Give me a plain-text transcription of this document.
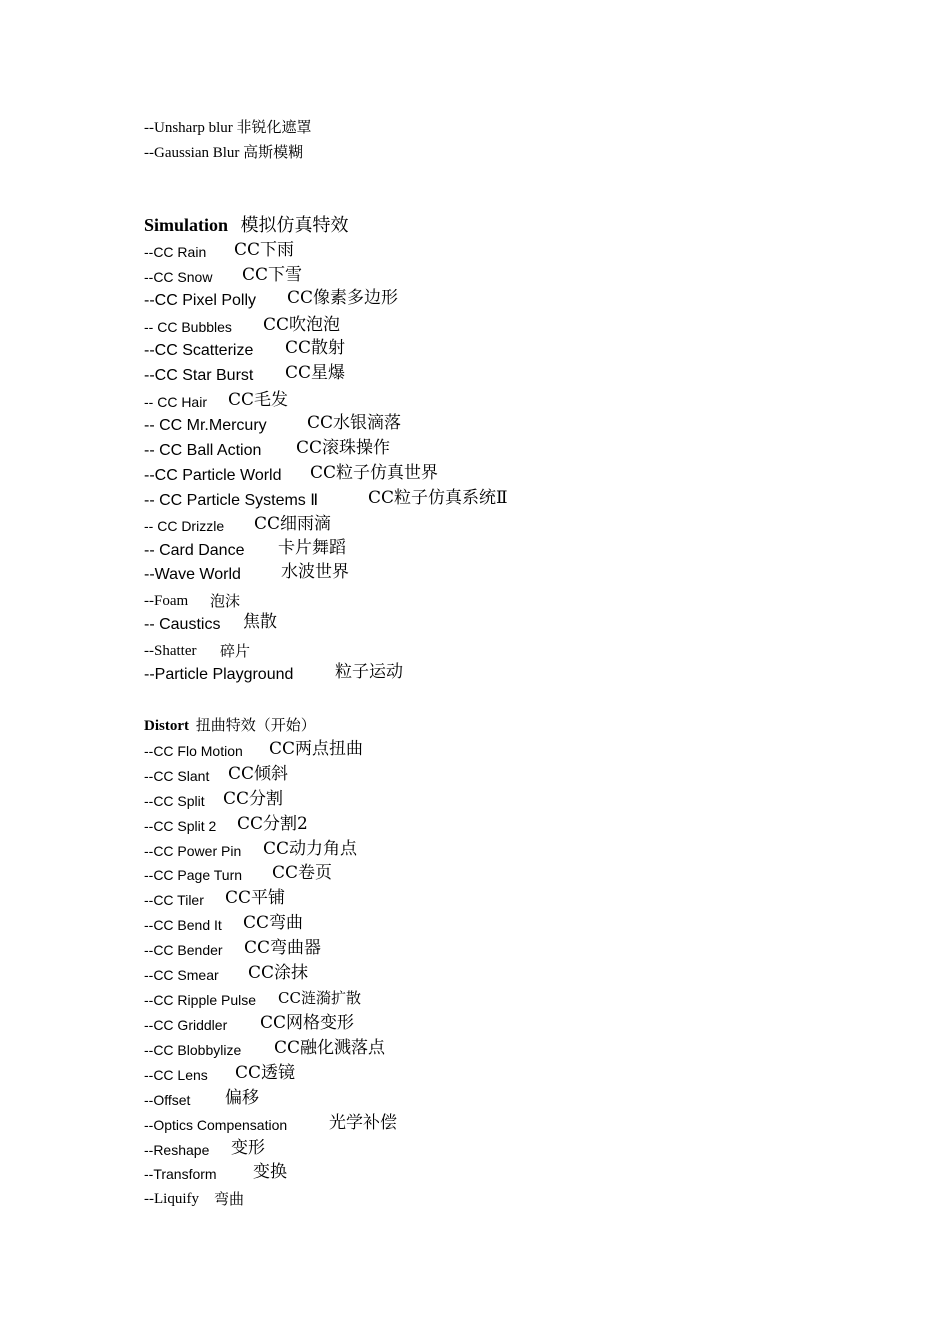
--Unsharp blur 非锐化遮罩
--Gaussian Blur 高斯模糊
Simulation 模拟仿真特效
--CC Rain CC下雨
--CC Snow CC下雪
--CC Pixel Polly CC像素多边形
-- CC Bubbles CC吹泡泡
--CC Scatterize CC散射
--CC Star Burst CC星爆
-- CC Hair CC毛发
-- CC Mr.Mercury CC水银滴落
-- CC Ball Action CC滚珠操作
--CC Particle World CC粒子仿真世界
-- CC Particle Systems Ⅱ	CC粒子仿真系统Ⅱ
-- CC Drizzle CC细雨滴
-- Card Dance 卡片舞蹈
--Wave World 水波世界
--Foam 泡沫
-- Caustics 焦散
--Shatter 碎片
--Particle Playground 粒子运动
Distort 扭曲特效（开始）
--CC Flo Motion CC两点扭曲
--CC Slant CC倾斜
--CC Split CC分割
--CC Split 2 CC分割2
--CC Power Pin CC动力角点
--CC Page Turn CC卷页
--CC Tiler CC平铺
--CC Bend It CC弯曲
--CC Bender CC弯曲器
--CC Smear CC涂抹
--CC Ripple Pulse CC涟漪扩散
--CC Griddler CC网格变形
--CC Blobbylize CC融化溅落点
--CC Lens CC透镜
--Offset 偏移
--Optics Compensation 光学补偿
--Reshape 变形
--Transform 变换
--Liquify 弯曲
